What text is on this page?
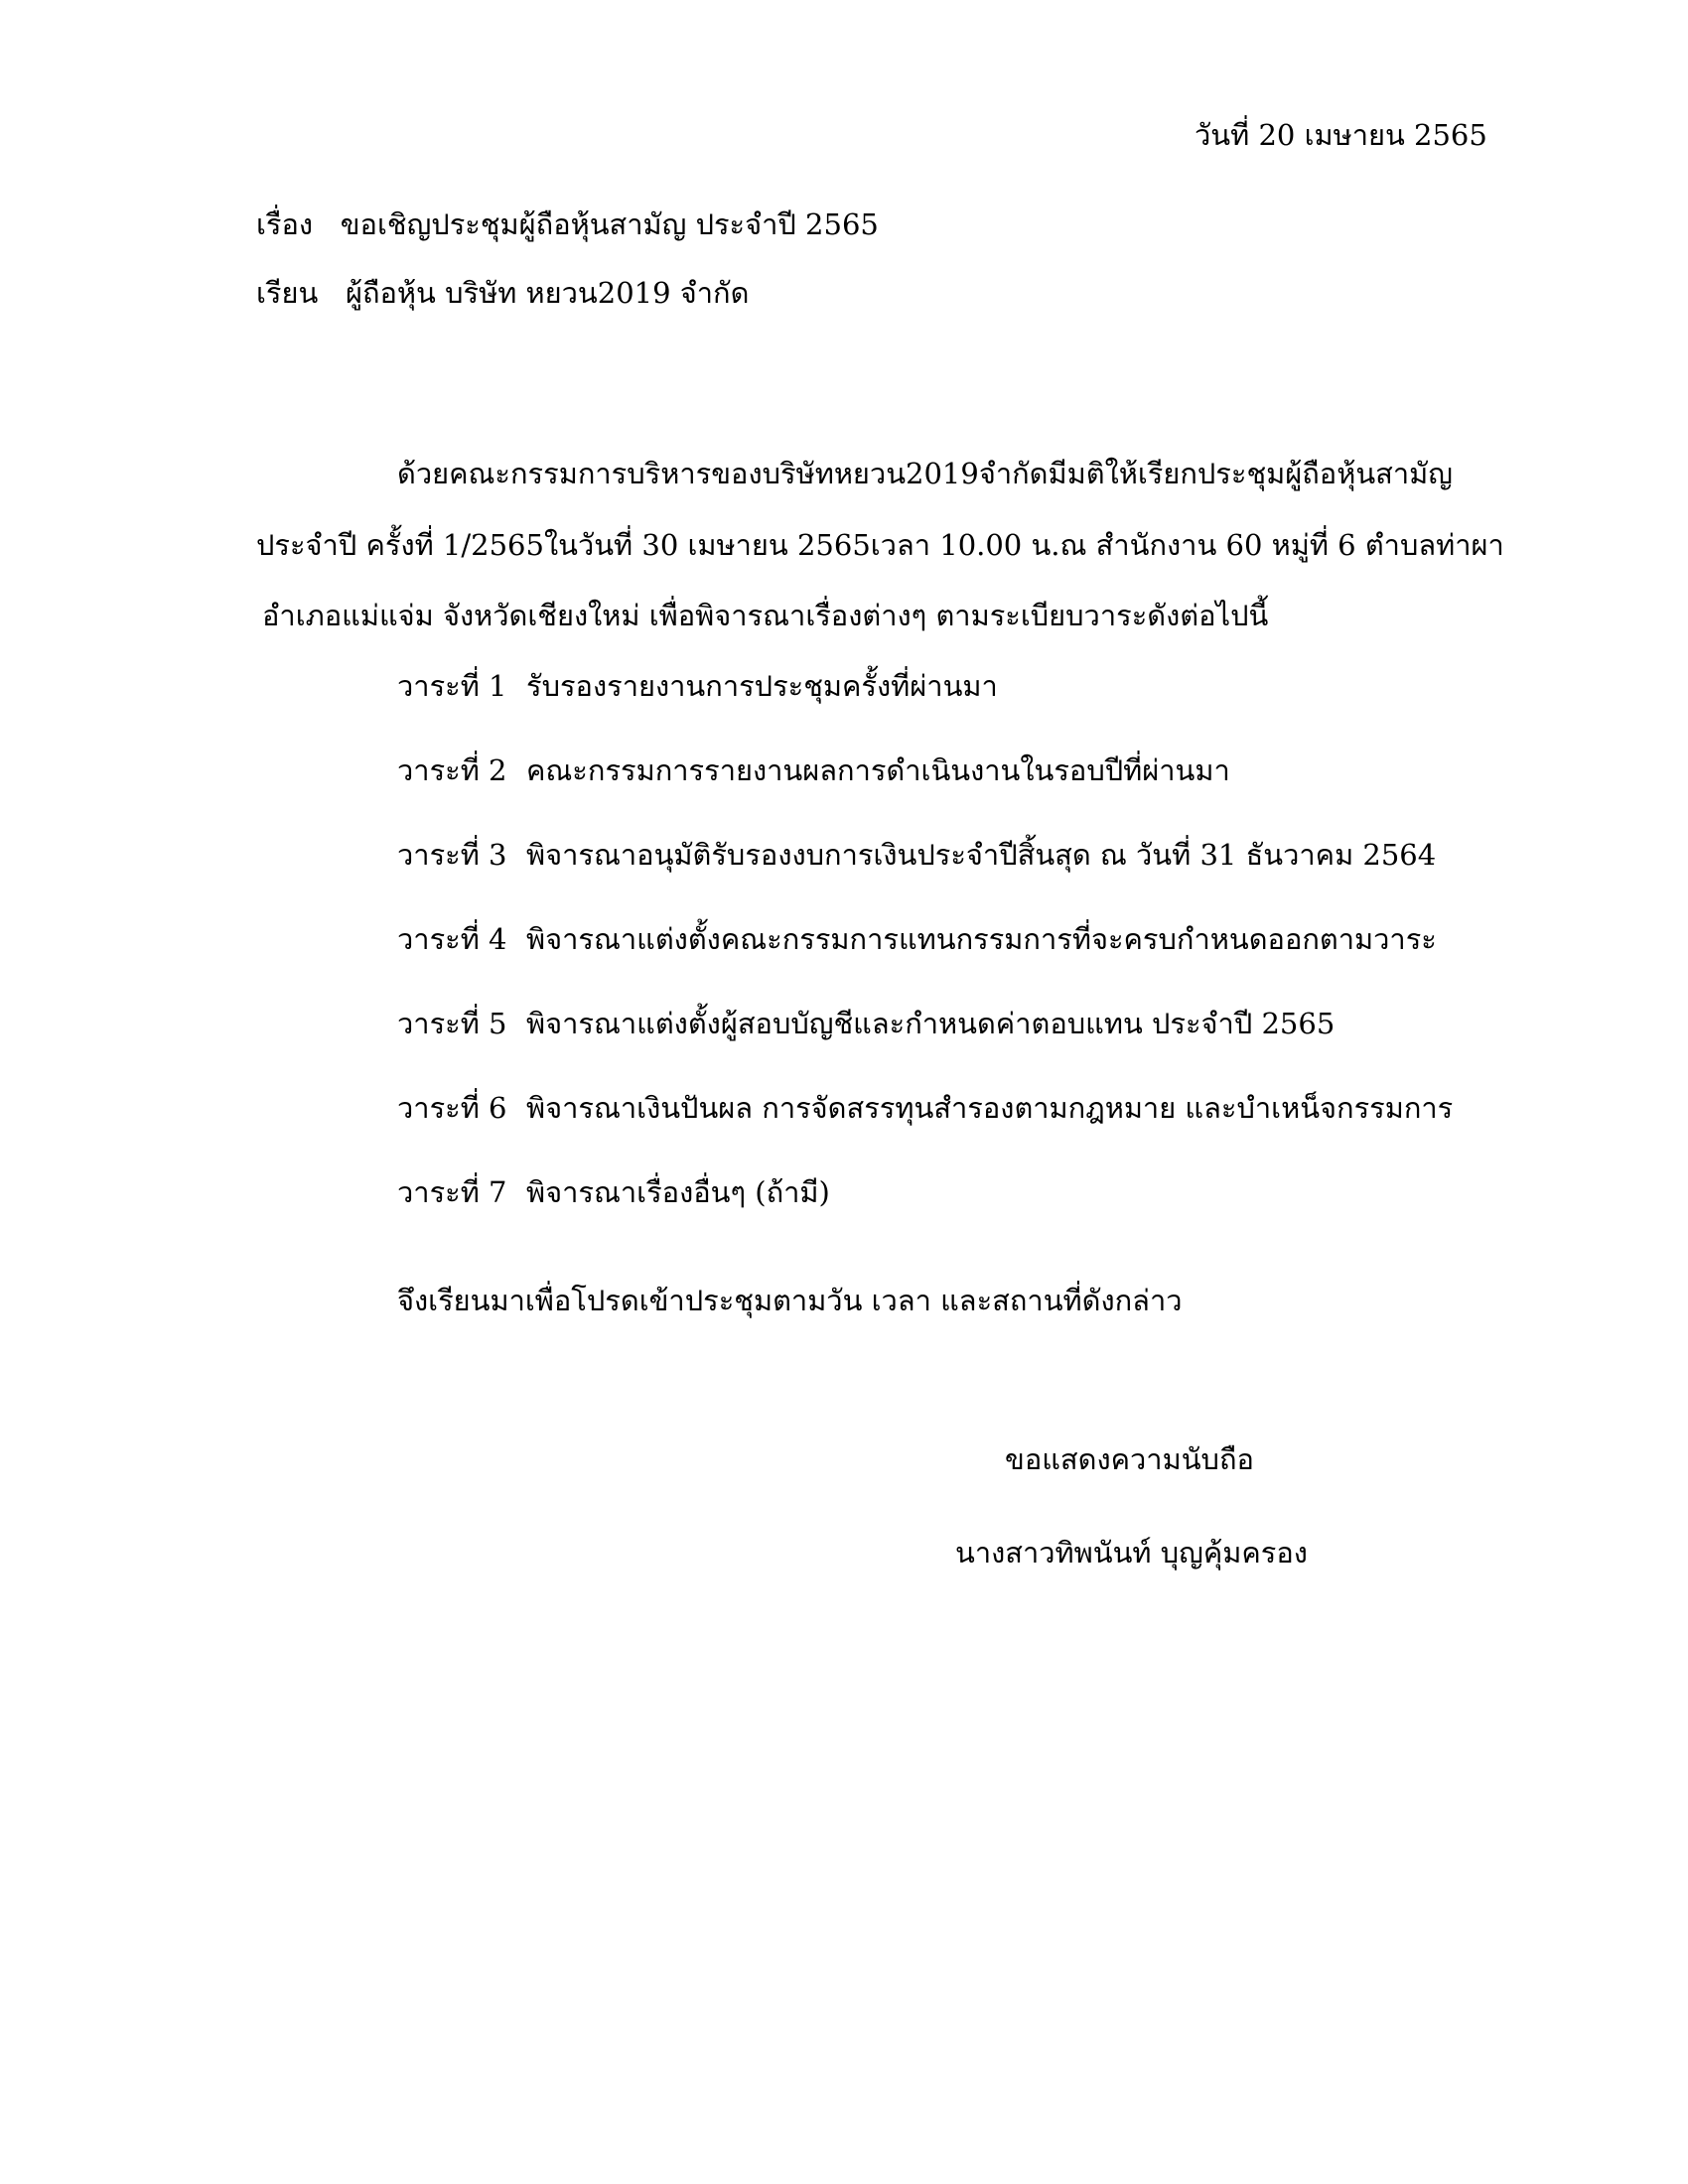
วันที่ 20 เมษายน 2565
เรื่อง ขอเชิญประชุมผู้ถือหุ้นสามัญ ประจำปี 2565
เรียน ผู้ถือหุ้น บริษัท หยวน2019 จำกัด
ด้วยคณะกรรมการบริหารของบริษัทหยวน2019จำกัดมีมติให้เรียกประชุมผู้ถือหุ้นสามัญ
ประจำปี ครั้งที่ 1/2565ในวันที่ 30 เมษายน 2565เวลา 10.00 น.ณ สำนักงาน 60 หมู่ที่ 6 ตำบลท่าผา
อำเภอแม่แจ่ม จังหวัดเชียงใหม่ เพื่อพิจารณาเรื่องต่างๆ ตามระเบียบวาระดังต่อไปนี้
วาระที่ 1 รับรองรายงานการประชุมครั้งที่ผ่านมา
วาระที่ 2 คณะกรรมการรายงานผลการดำเนินงานในรอบปีที่ผ่านมา
วาระที่ 3 พิจารณาอนุมัติรับรองงบการเงินประจำปีสิ้นสุด ณ วันที่ 31 ธันวาคม 2564
วาระที่ 4 พิจารณาแต่งตั้งคณะกรรมการแทนกรรมการที่จะครบกำหนดออกตามวาระ
วาระที่ 5 พิจารณาแต่งตั้งผู้สอบบัญชีและกำหนดค่าตอบแทน ประจำปี 2565
วาระที่ 6 พิจารณาเงินปันผล การจัดสรรทุนสำรองตามกฎหมาย และบำเหน็จกรรมการ
วาระที่ 7 พิจารณาเรื่องอื่นๆ (ถ้ามี)
จึงเรียนมาเพื่อโปรดเข้าประชุมตามวัน เวลา และสถานที่ดังกล่าว
ขอแสดงความนับถือ
นางสาวทิพนันท์ บุญคุ้มครอง
